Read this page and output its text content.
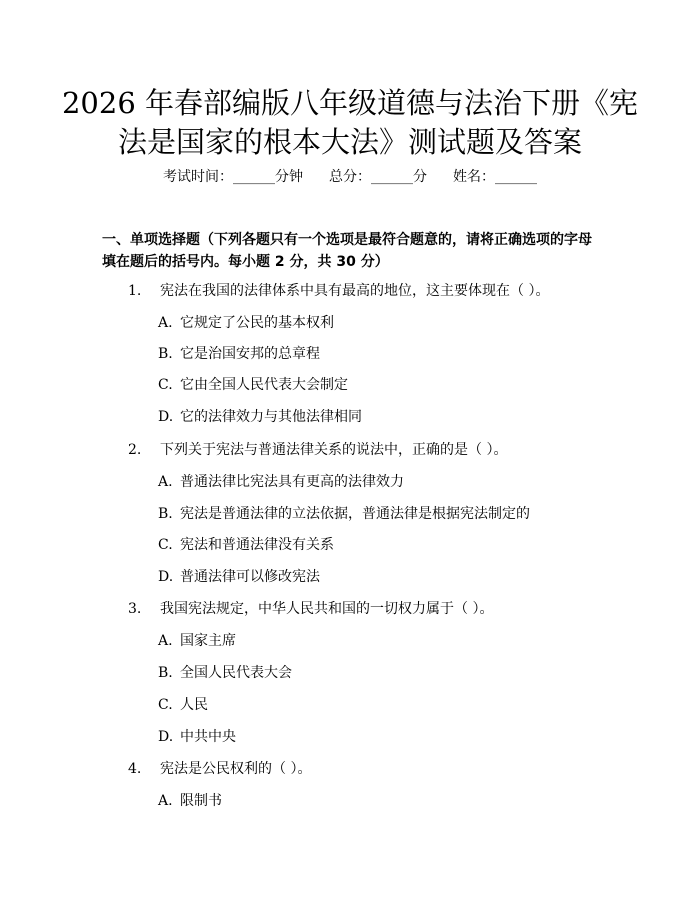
2026 年春部编版八年级道德与法治下册《宪
法是国家的根本大法》测试题及答案
考试时间：______分钟 总分：______分 姓名：______
一、单项选择题（下列各题只有一个选项是最符合题意的，请将正确选项的字母
填在题后的括号内。每小题 2 分，共 30 分）
1. 宪法在我国的法律体系中具有最高的地位，这主要体现在（ ）。
A. 它规定了公民的基本权利
B. 它是治国安邦的总章程
C. 它由全国人民代表大会制定
D. 它的法律效力与其他法律相同
2. 下列关于宪法与普通法律关系的说法中，正确的是（ ）。
A. 普通法律比宪法具有更高的法律效力
B. 宪法是普通法律的立法依据，普通法律是根据宪法制定的
C. 宪法和普通法律没有关系
D. 普通法律可以修改宪法
3. 我国宪法规定，中华人民共和国的一切权力属于（ ）。
A. 国家主席
B. 全国人民代表大会
C. 人民
D. 中共中央
4. 宪法是公民权利的（ ）。
A. 限制书
